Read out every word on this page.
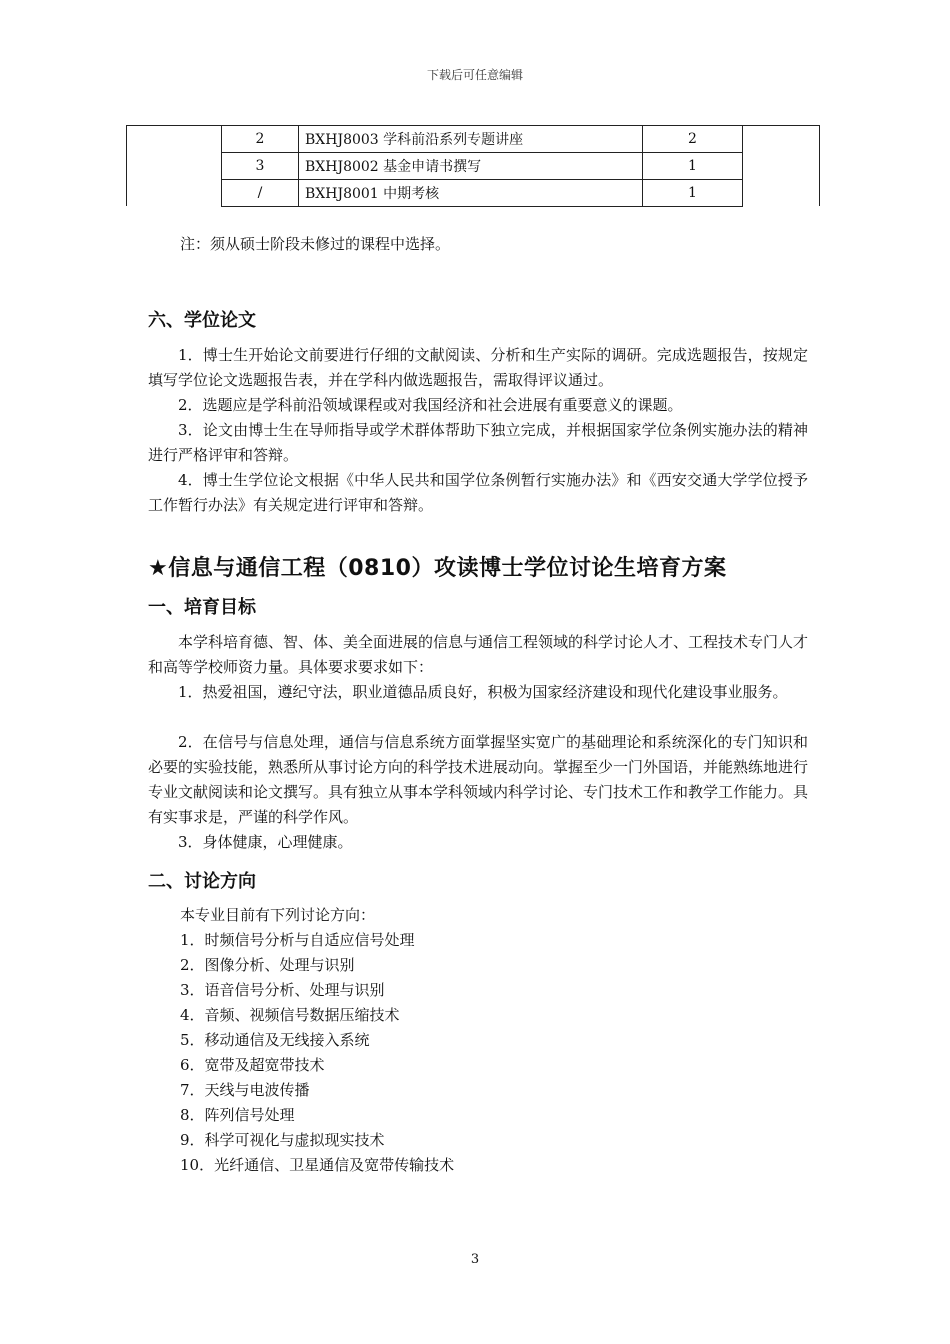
下载后可任意编辑
2	BXHJ8003 学科前沿系列专题讲座	2
3	BXHJ8002 基金申请书撰写	1
/	BXHJ8001 中期考核	1
注：须从硕士阶段未修过的课程中选择。
六、学位论文

1．博士生开始论文前要进行仔细的文献阅读、分析和生产实际的调研。完成选题报告，按规定填写学位论文选题报告表，并在学科内做选题报告，需取得评议通过。

2．选题应是学科前沿领域课程或对我国经济和社会进展有重要意义的课题。

3．论文由博士生在导师指导或学术群体帮助下独立完成，并根据国家学位条例实施办法的精神进行严格评审和答辩。

4．博士生学位论文根据《中华人民共和国学位条例暂行实施办法》和《西安交通大学学位授予工作暂行办法》有关规定进行评审和答辩。

★信息与通信工程（0810）攻读博士学位讨论生培育方案
一、培育目标

本学科培育德、智、体、美全面进展的信息与通信工程领域的科学讨论人才、工程技术专门人才和高等学校师资力量。具体要求要求如下：

1．热爱祖国，遵纪守法，职业道德品质良好，积极为国家经济建设和现代化建设事业服务。

2．在信号与信息处理，通信与信息系统方面掌握坚实宽广的基础理论和系统深化的专门知识和必要的实验技能，熟悉所从事讨论方向的科学技术进展动向。掌握至少一门外国语，并能熟练地进行专业文献阅读和论文撰写。具有独立从事本学科领域内科学讨论、专门技术工作和教学工作能力。具有实事求是，严谨的科学作风。

3．身体健康，心理健康。

二、讨论方向
本专业目前有下列讨论方向：
1．时频信号分析与自适应信号处理
2．图像分析、处理与识别
3．语音信号分析、处理与识别
4．音频、视频信号数据压缩技术
5．移动通信及无线接入系统
6．宽带及超宽带技术
7．天线与电波传播
8．阵列信号处理
9．科学可视化与虚拟现实技术
10．光纤通信、卫星通信及宽带传输技术
3
